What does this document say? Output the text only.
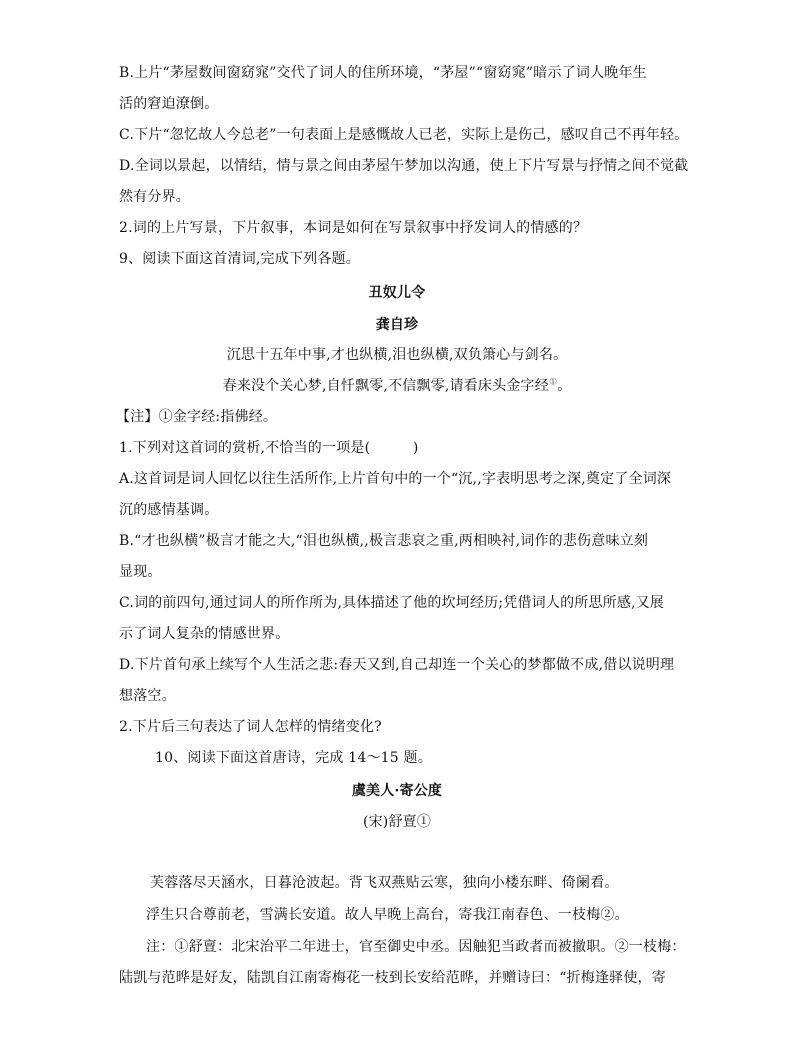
B.上片“茅屋数间窗窈窕”交代了词人的住所环境，“茅屋”“窗窈窕”暗示了词人晚年生
活的窘迫潦倒。
C.下片“忽忆故人今总老”一句表面上是感慨故人已老，实际上是伤己，感叹自己不再年轻。
D.全词以景起，以情结，情与景之间由茅屋午梦加以沟通，使上下片写景与抒情之间不觉截
然有分界。
2.词的上片写景，下片叙事，本词是如何在写景叙事中抒发词人的情感的？
9、阅读下面这首清词,完成下列各题。
丑奴儿令
龚自珍
沉思十五年中事,才也纵横,泪也纵横,双负箫心与剑名。
春来没个关心梦,自忏飘零,不信飘零,请看床头金字经①。
【注】①金字经:指佛经。
1.下列对这首词的赏析,不恰当的一项是(　　　)
A.这首词是词人回忆以往生活所作,上片首句中的一个“沉,,字表明思考之深,奠定了全词深
沉的感情基调。
B.“才也纵横”极言才能之大,“泪也纵横,,极言悲哀之重,两相映衬,词作的悲伤意味立刻
显现。
C.词的前四句,通过词人的所作所为,具体描述了他的坎坷经历;凭借词人的所思所感,又展
示了词人复杂的情感世界。
D.下片首句承上续写个人生活之悲:春天又到,自己却连一个关心的梦都做不成,借以说明理
想落空。
2.下片后三句表达了词人怎样的情绪变化?
10、阅读下面这首唐诗，完成 14～15 题。
虞美人·寄公度
(宋)舒亶①
芙蓉落尽天涵水，日暮沧波起。背飞双燕贴云寒，独向小楼东畔、倚阑看。
浮生只合尊前老，雪满长安道。故人早晚上高台，寄我江南春色、一枝梅②。
注：①舒亶：北宋治平二年进士，官至御史中丞。因触犯当政者而被撤职。②一枝梅：
陆凯与范晔是好友，陆凯自江南寄梅花一枝到长安给范晔，并赠诗曰：“折梅逢驿使，寄
